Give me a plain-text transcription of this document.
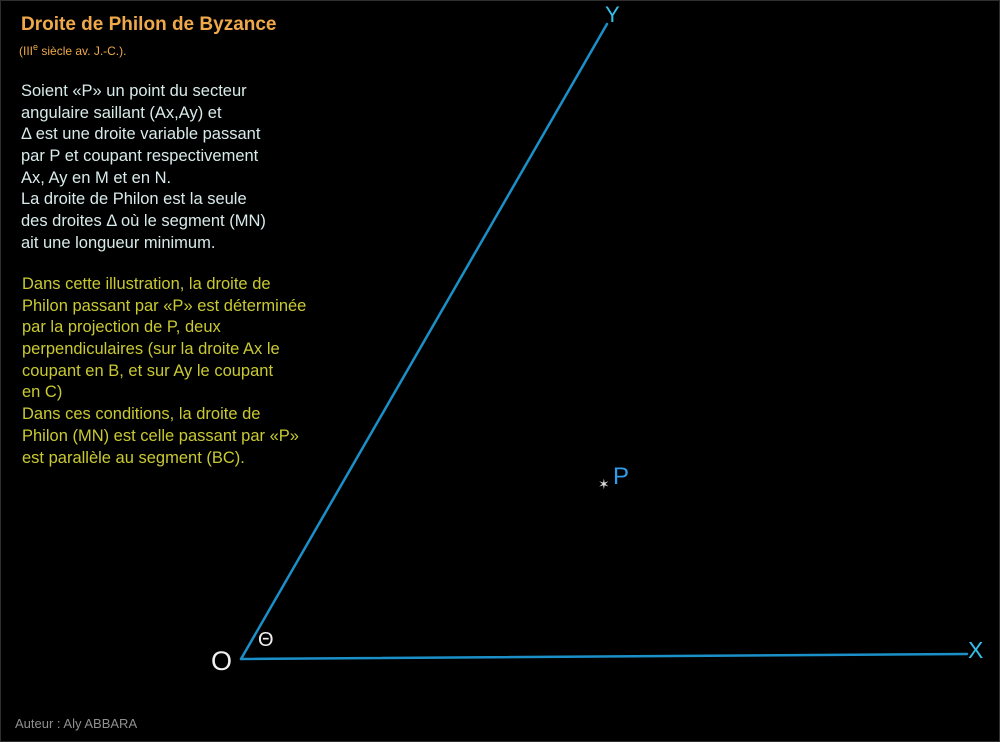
Droite de Philon de Byzance
(IIIe siècle av. J.-C.).
Soient «P» un point du secteur
angulaire saillant (Ax,Ay) et
Δ est une droite variable passant
par P et coupant respectivement
Ax, Ay en M et en N.
La droite de Philon est la seule
des droites Δ où le segment (MN)
ait une longueur minimum.
Dans cette illustration, la droite de
Philon passant par «P» est déterminée
par la projection de P, deux
perpendiculaires (sur la droite Ax le
coupant en B, et sur Ay le coupant
en C)
Dans ces conditions, la droite de
Philon (MN) est celle passant par «P»
est parallèle au segment (BC).
Y
X
O
Θ
✶ P
Auteur : Aly ABBARA
